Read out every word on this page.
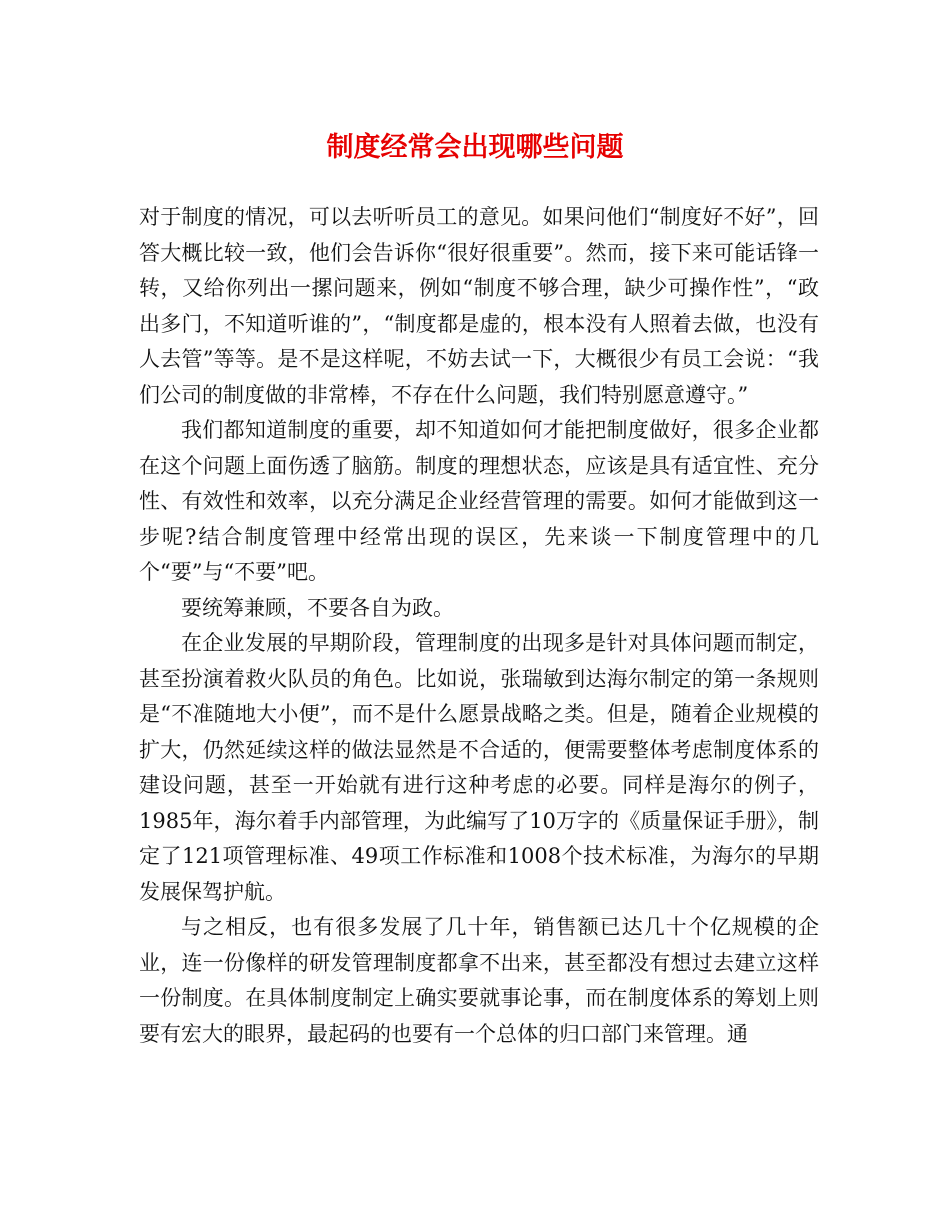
制度经常会出现哪些问题

对于制度的情况，可以去听听员工的意见。如果问他们“制度好不好”，回答大概比较一致，他们会告诉你“很好很重要”。然而，接下来可能话锋一转，又给你列出一摞问题来，例如“制度不够合理，缺少可操作性”，“政出多门，不知道听谁的”，“制度都是虚的，根本没有人照着去做，也没有人去管”等等。是不是这样呢，不妨去试一下，大概很少有员工会说：“我们公司的制度做的非常棒，不存在什么问题，我们特别愿意遵守。”

我们都知道制度的重要，却不知道如何才能把制度做好，很多企业都在这个问题上面伤透了脑筋。制度的理想状态，应该是具有适宜性、充分性、有效性和效率，以充分满足企业经营管理的需要。如何才能做到这一步呢?结合制度管理中经常出现的误区，先来谈一下制度管理中的几个“要”与“不要”吧。

要统筹兼顾，不要各自为政。

在企业发展的早期阶段，管理制度的出现多是针对具体问题而制定，甚至扮演着救火队员的角色。比如说，张瑞敏到达海尔制定的第一条规则是“不准随地大小便”，而不是什么愿景战略之类。但是，随着企业规模的扩大，仍然延续这样的做法显然是不合适的，便需要整体考虑制度体系的建设问题，甚至一开始就有进行这种考虑的必要。同样是海尔的例子，1985年，海尔着手内部管理，为此编写了10万字的《质量保证手册》，制定了121项管理标准、49项工作标准和1008个技术标准，为海尔的早期发展保驾护航。

与之相反，也有很多发展了几十年，销售额已达几十个亿规模的企业，连一份像样的研发管理制度都拿不出来，甚至都没有想过去建立这样一份制度。在具体制度制定上确实要就事论事，而在制度体系的筹划上则要有宏大的眼界，最起码的也要有一个总体的归口部门来管理。通
